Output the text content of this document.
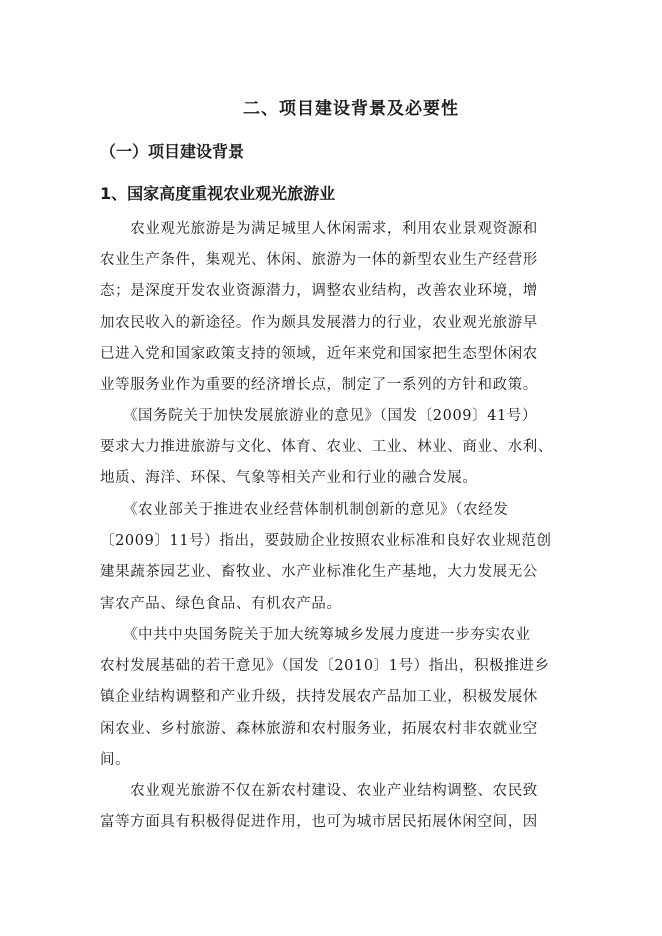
二、项目建设背景及必要性
（一）项目建设背景
1、国家高度重视农业观光旅游业
　　农业观光旅游是为满足城里人休闲需求，利用农业景观资源和
农业生产条件，集观光、休闲、旅游为一体的新型农业生产经营形
态；是深度开发农业资源潜力，调整农业结构，改善农业环境，增
加农民收入的新途径。作为颇具发展潜力的行业，农业观光旅游早
已进入党和国家政策支持的领域，近年来党和国家把生态型休闲农
业等服务业作为重要的经济增长点，制定了一系列的方针和政策。
　　《国务院关于加快发展旅游业的意见》（国发〔2009〕41号）
要求大力推进旅游与文化、体育、农业、工业、林业、商业、水利、
地质、海洋、环保、气象等相关产业和行业的融合发展。
　　《农业部关于推进农业经营体制机制创新的意见》（农经发
〔2009〕11号）指出，要鼓励企业按照农业标准和良好农业规范创
建果蔬茶园艺业、畜牧业、水产业标准化生产基地，大力发展无公
害农产品、绿色食品、有机农产品。
　　《中共中央国务院关于加大统筹城乡发展力度进一步夯实农业
农村发展基础的若干意见》（国发〔2010〕1号）指出，积极推进乡
镇企业结构调整和产业升级，扶持发展农产品加工业，积极发展休
闲农业、乡村旅游、森林旅游和农村服务业，拓展农村非农就业空
间。
　　农业观光旅游不仅在新农村建设、农业产业结构调整、农民致
富等方面具有积极得促进作用，也可为城市居民拓展休闲空间，因
